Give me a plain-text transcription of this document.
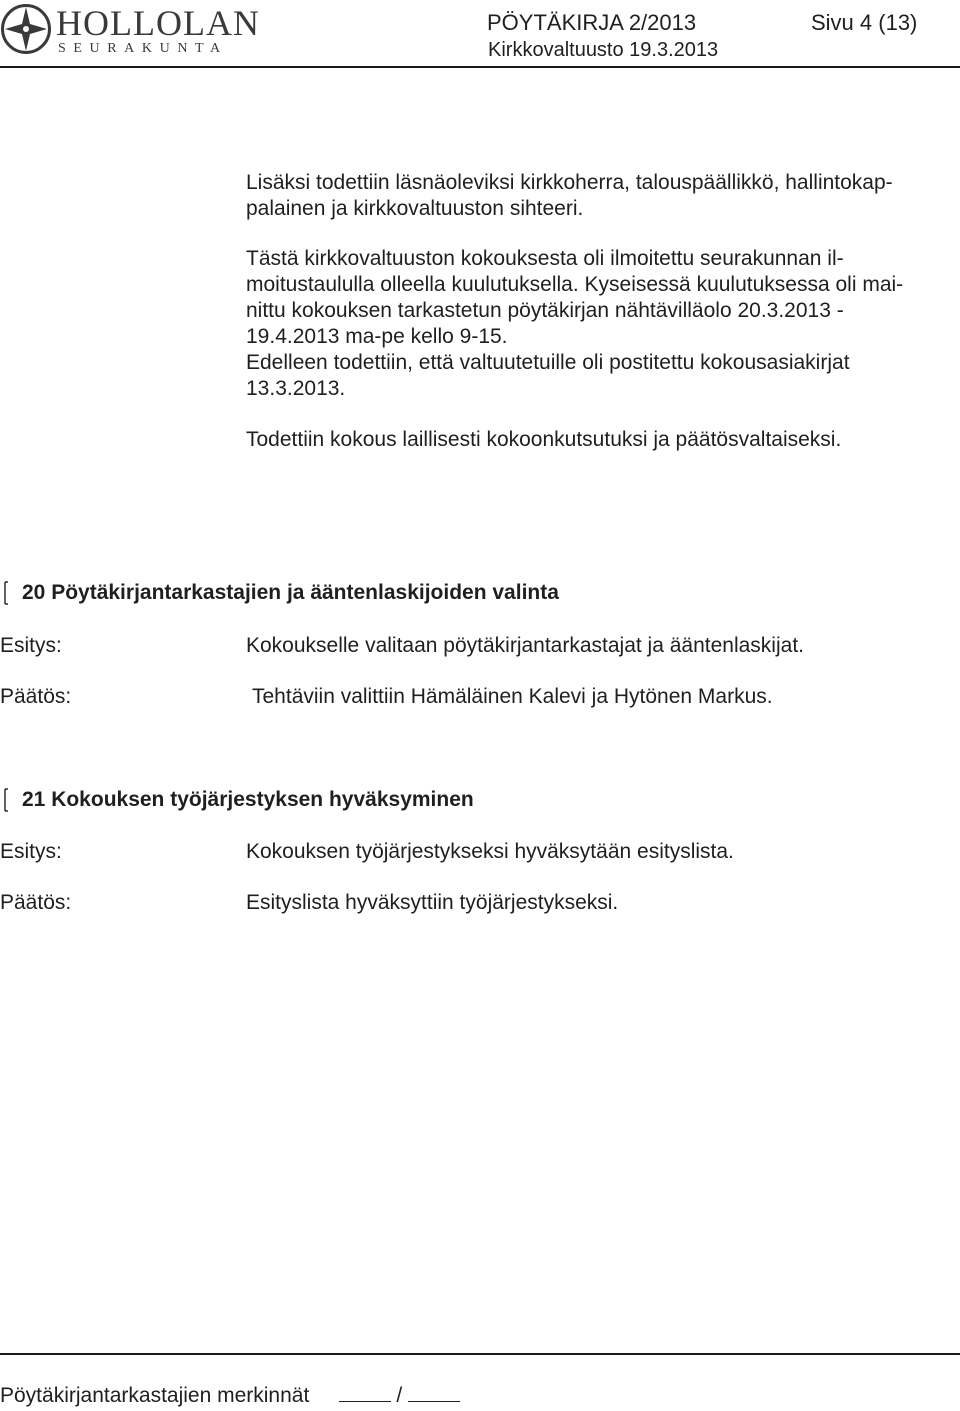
HOLLOLAN
SEURAKUNTA
PÖYTÄKIRJA 2/2013	Sivu 4 (13)
Kirkkovaltuusto 19.3.2013
Lisäksi todettiin läsnäoleviksi kirkkoherra, talouspäällikkö, hallintokap-
palainen ja kirkkovaltuuston sihteeri.
Tästä kirkkovaltuuston kokouksesta oli ilmoitettu seurakunnan il-
moitustaululla olleella kuulutuksella. Kyseisessä kuulutuksessa oli mai-
nittu kokouksen tarkastetun pöytäkirjan nähtävilläolo 20.3.2013 -
19.4.2013 ma-pe kello 9-15.
Edelleen todettiin, että valtuutetuille oli postitettu kokousasiakirjat
13.3.2013.
Todettiin kokous laillisesti kokoonkutsutuksi ja päätösvaltaiseksi.
20 Pöytäkirjantarkastajien ja ääntenlaskijoiden valinta
Esitys:	Kokoukselle valitaan pöytäkirjantarkastajat ja ääntenlaskijat.
Päätös:	Tehtäviin valittiin Hämäläinen Kalevi ja Hytönen Markus.
21 Kokouksen työjärjestyksen hyväksyminen
Esitys:	Kokouksen työjärjestykseksi hyväksytään esityslista.
Päätös:	Esityslista hyväksyttiin työjärjestykseksi.
Pöytäkirjantarkastajien merkinnät	/
